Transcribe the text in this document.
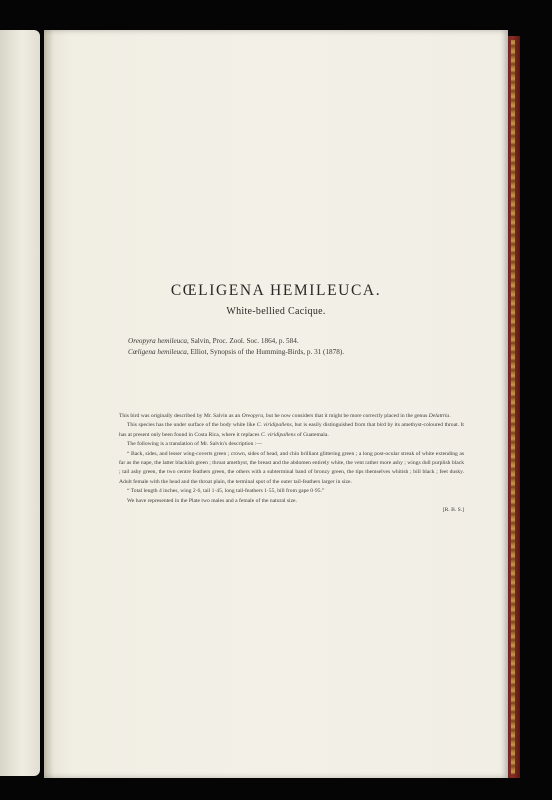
CŒLIGENA HEMILEUCA.
White-bellied Cacique.
Oreopyra hemileuca, Salvin, Proc. Zool. Soc. 1864, p. 584.
Cœligena hemileuca, Elliot, Synopsis of the Humming-Birds, p. 31 (1878).

This bird was originally described by Mr. Salvin as an Oreopyra, but he now considers that it might be more correctly placed in the genus Delattria.

This species has the under surface of the body white like C. viridipallens, but is easily distinguished from that bird by its amethyst-coloured throat. It has at present only been found in Costa Rica, where it replaces C. viridipallens of Guatemala.

The following is a translation of Mr. Salvin's description :—

“ Back, sides, and lesser wing-coverts green ; crown, sides of head, and chin brilliant glittering green ; a long post-ocular streak of white extending as far as the nape, the latter blackish green ; throat amethyst, the breast and the abdomen entirely white, the vent rather more ashy ; wings dull purplish black ; tail ashy green, the two centre feathers green, the others with a subterminal band of bronzy green, the tips themselves whitish ; bill black ; feet dusky. Adult female with the head and the throat plain, the terminal spot of the outer tail-feathers larger in size.

“ Total length 4 inches, wing 2·6, tail 1·45, long tail-feathers 1·55, bill from gape 0·95.”

We have represented in the Plate two males and a female of the natural size.

[R. B. S.]
